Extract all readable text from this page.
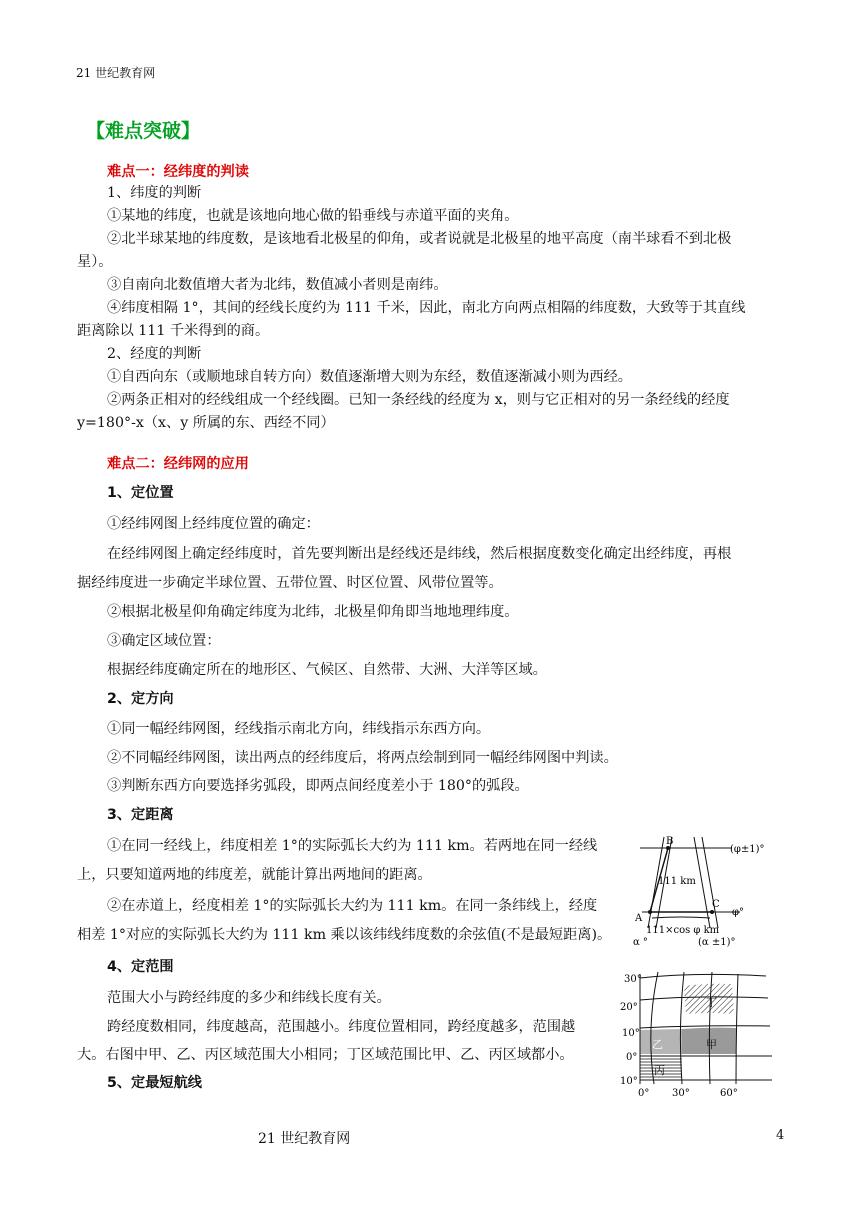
21 世纪教育网
【难点突破】
难点一：经纬度的判读
1、纬度的判断
①某地的纬度，也就是该地向地心做的铅垂线与赤道平面的夹角。
②北半球某地的纬度数，是该地看北极星的仰角，或者说就是北极星的地平高度（南半球看不到北极
星）。
③自南向北数值增大者为北纬，数值减小者则是南纬。
④纬度相隔 1°，其间的经线长度约为 111 千米，因此，南北方向两点相隔的纬度数，大致等于其直线
距离除以 111 千米得到的商。
2、经度的判断
①自西向东（或顺地球自转方向）数值逐渐增大则为东经，数值逐渐减小则为西经。
②两条正相对的经线组成一个经线圈。已知一条经线的经度为 x，则与它正相对的另一条经线的经度
y=180°-x（x、y 所属的东、西经不同）
难点二：经纬网的应用
1、定位置
①经纬网图上经纬度位置的确定：
在经纬网图上确定经纬度时，首先要判断出是经线还是纬线，然后根据度数变化确定出经纬度，再根
据经纬度进一步确定半球位置、五带位置、时区位置、风带位置等。
②根据北极星仰角确定纬度为北纬，北极星仰角即当地地理纬度。
③确定区域位置：
根据经纬度确定所在的地形区、气候区、自然带、大洲、大洋等区域。
2、定方向
①同一幅经纬网图，经线指示南北方向，纬线指示东西方向。
②不同幅经纬网图，读出两点的经纬度后，将两点绘制到同一幅经纬网图中判读。
③判断东西方向要选择劣弧段，即两点间经度差小于 180°的弧段。
3、定距离
①在同一经线上，纬度相差 1°的实际弧长大约为 111 km。若两地在同一经线
上，只要知道两地的纬度差，就能计算出两地间的距离。
②在赤道上，经度相差 1°的实际弧长大约为 111 km。在同一条纬线上，经度
相差 1°对应的实际弧长大约为 111 km 乘以该纬线纬度数的余弦值(不是最短距离)。
4、定范围
范围大小与跨经纬度的多少和纬线长度有关。
跨经度数相同，纬度越高，范围越小。纬度位置相同，跨经度越多，范围越
大。右图中甲、乙、丙区域范围大小相同；丁区域范围比甲、乙、丙区域都小。
5、定最短航线
B
A
C
(φ±1)°
φ°
111 km
111×cos φ km
α °	(α ±1)°
30°
20°
10°
0°
10°
0° 30°	60°
丁
乙	甲
丙
21 世纪教育网	4
